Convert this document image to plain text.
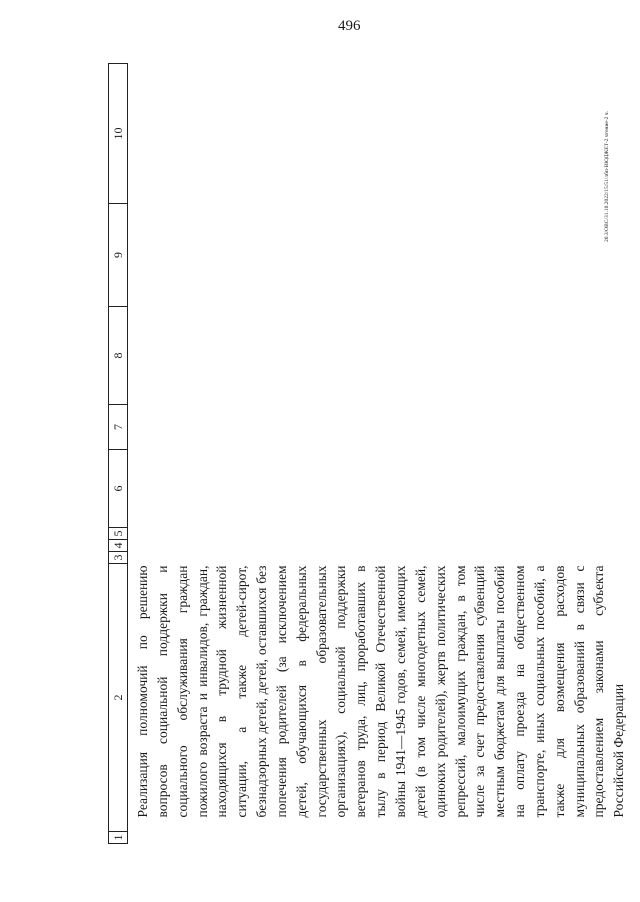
496
20.3/ОВС/31.10.2022/15:51/лбп-ВЮДЖЕТ-2 чтение-2 ч.
1	2	3	4	5	6	7	8	9	10
	Реализация полномочий по решению вопросов социальной поддержки и социального обслуживания граждан пожилого возраста и инвалидов, граждан, находящихся в трудной жизненной ситуации, а также детей-сирот, безнадзорных детей, детей, оставшихся без попечения родителей (за исключением детей, обучающихся в федеральных государственных образовательных организациях), социальной поддержки ветеранов труда, лиц, проработавших в тылу в период Великой Отечественной войны 1941—1945 годов, семей, имеющих детей (в том числе многодетных семей, одиноких родителей), жертв политических репрессий, малоимущих граждан, в том числе за счет предоставления субвенций местным бюджетам для выплаты пособий на оплату проезда на общественном транспорте, иных социальных пособий, а также для возмещения расходов муниципальных образований в связи с предоставлением законами субъекта Российской Федерации								
